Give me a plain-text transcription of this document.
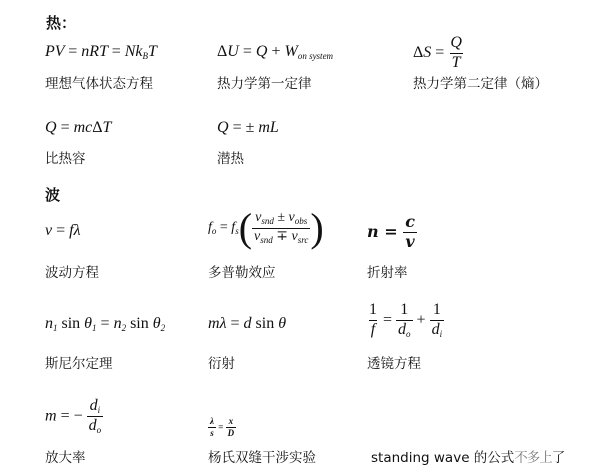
热：
PV = nRT = $Nk_BT$
理想气体状态方程
$\Delta U = Q + W_{on system}$
热力学第一定律
$\Delta S = \frac{Q}{T}$
热力学第二定律（熵）
Q = mcΔT
比热容
Q = ± mL
潜热
波
v = fλ
波动方程
$f_o = f_s( \frac{v_{snd} \pm v_{obs}}{v_{snd} \mp v_{src}}$ )
多普勒效应
$n = \frac{c}{v}$
折射率
$n_1$ $\sin \theta_1 = n_2$ $\sin \theta_2$
斯尼尔定理
mλ = d sin θ
衍射
$\frac{1}{f} = \frac{1}{d_o} + \frac{1}{d_i}$
透镜方程
m = − $\frac{d_i}{d_o}$
放大率
$\frac{\lambda}{s} = \frac{x}{D}$
杨氏双缝干涉实验	standing wave 的公式不多上了
